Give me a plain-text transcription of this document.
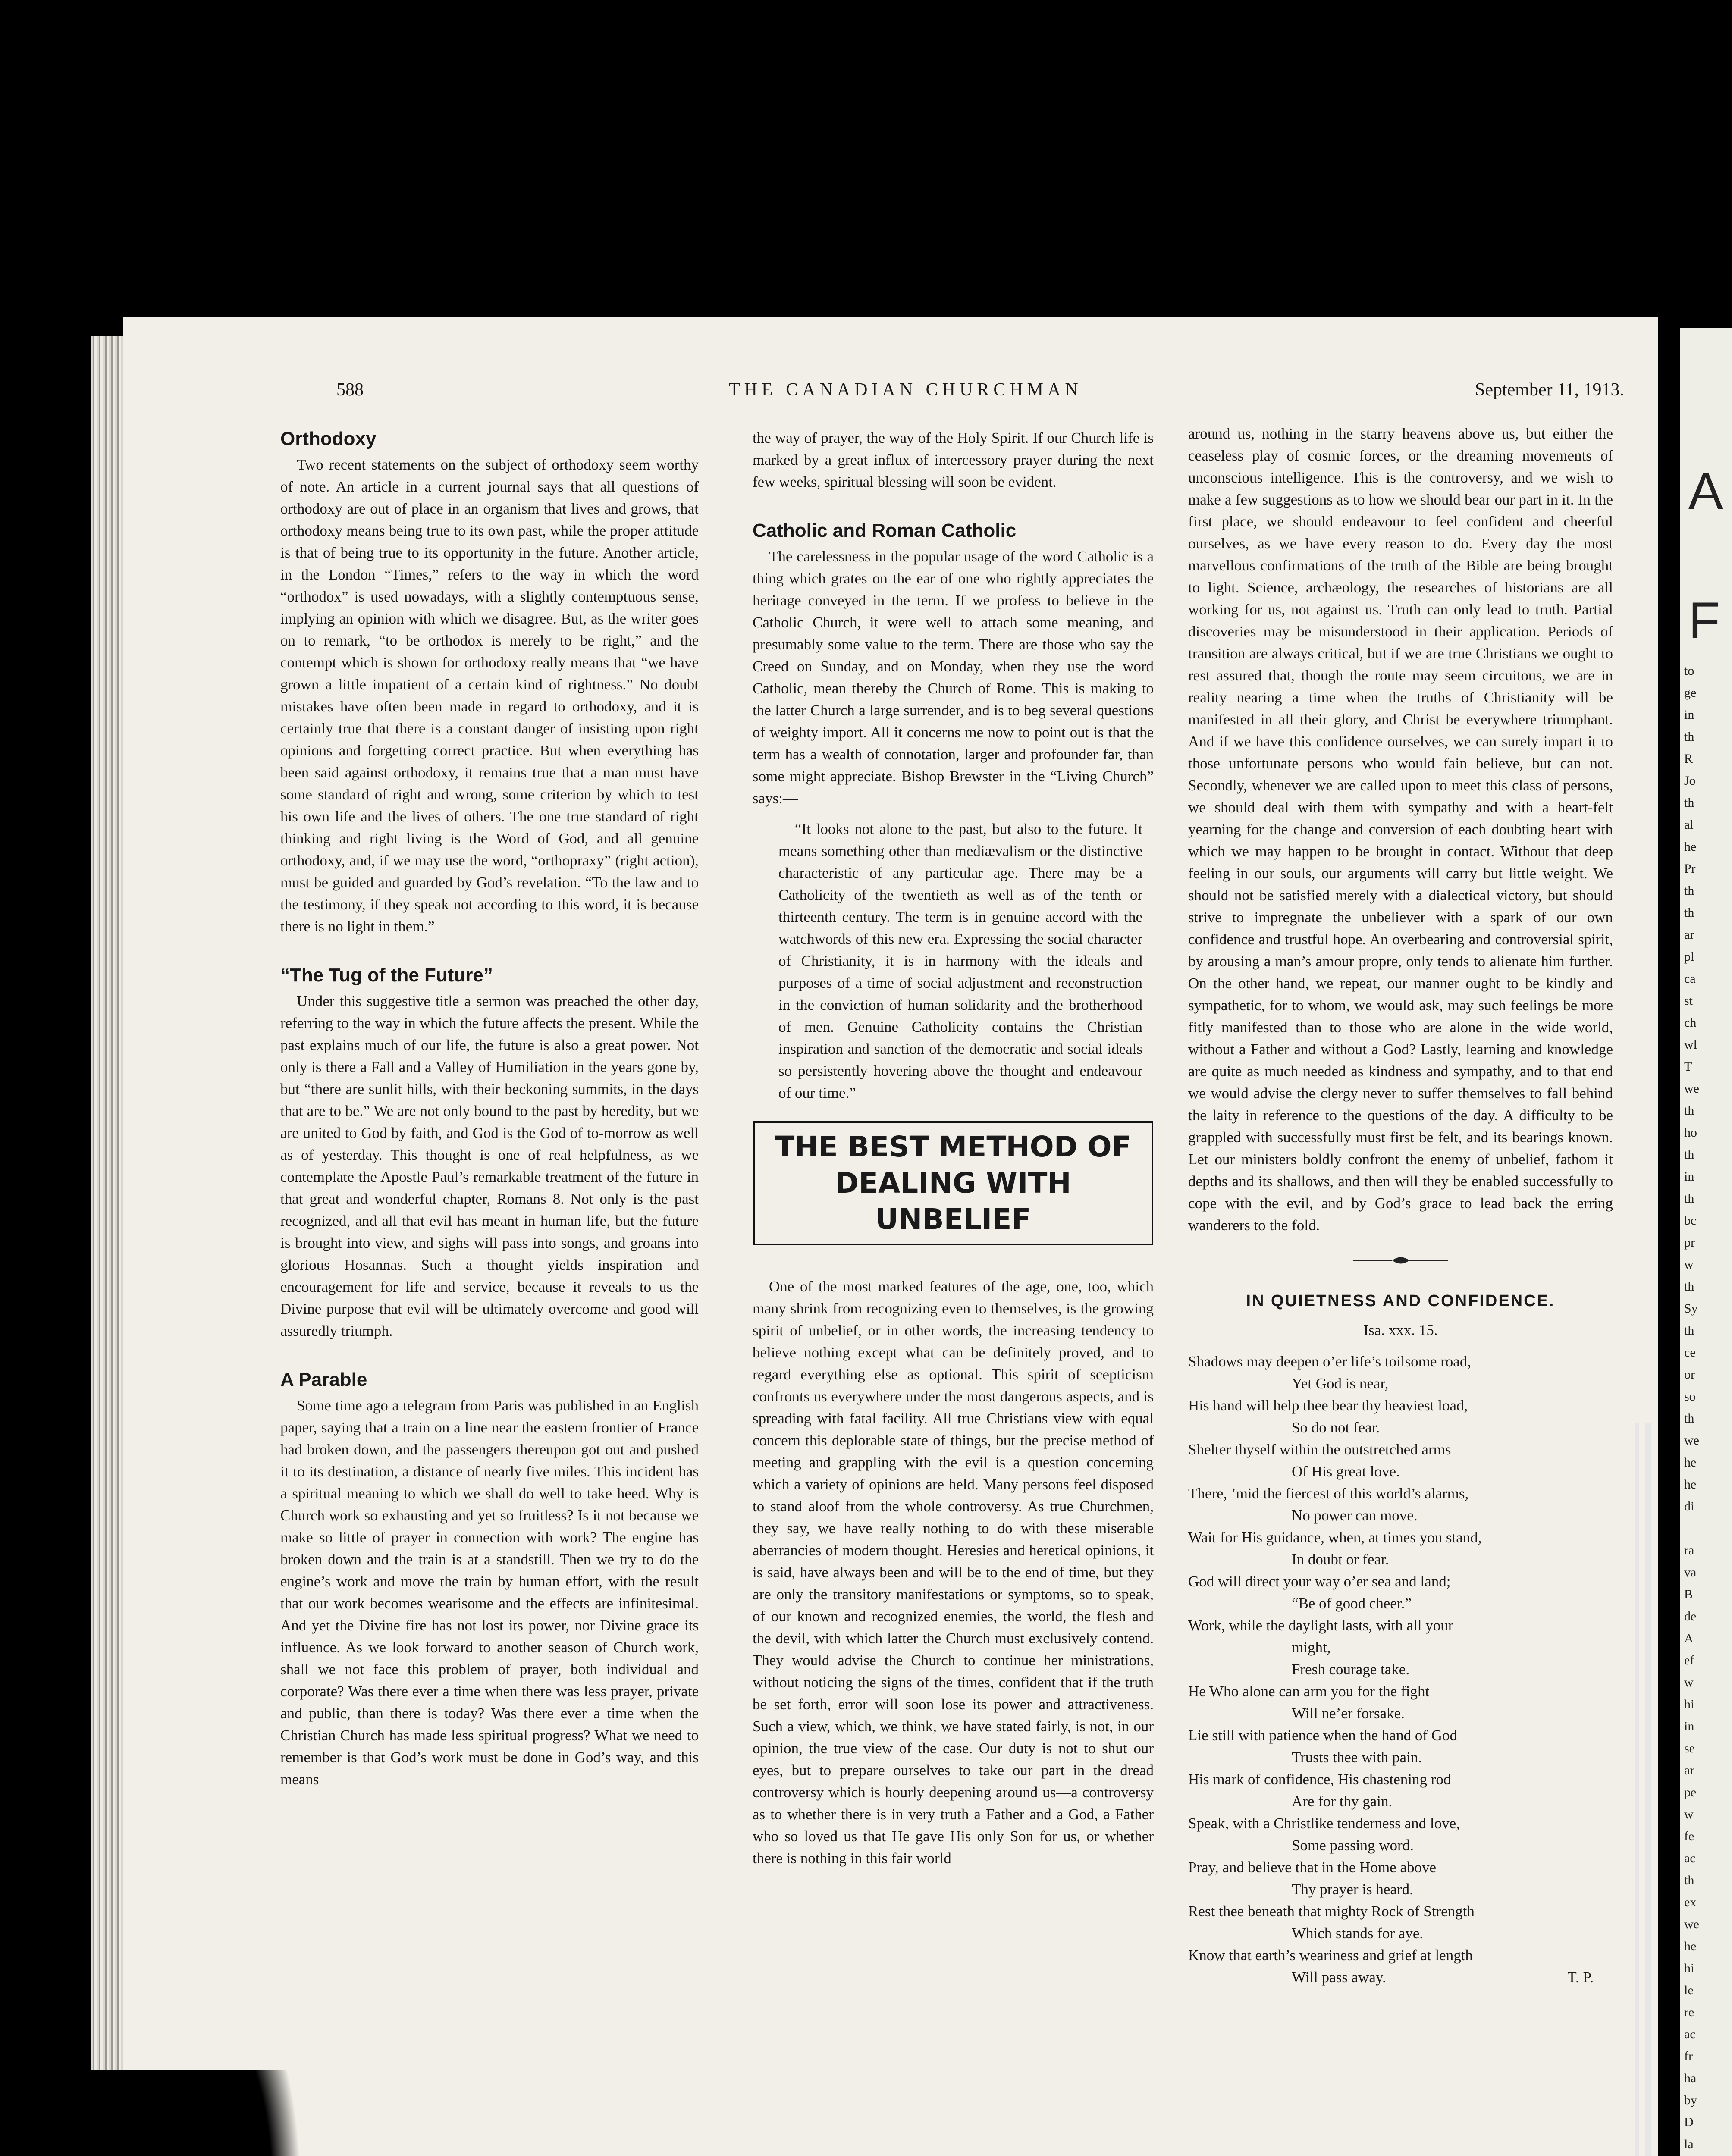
A
F
to
ge
in
th
R
Jo
th
al
he
Pr
th
th
ar
pl
ca
st
ch
wl
T
we
th
ho
th
in
th
bc
pr
w
th
Sy
th
ce
or
so
th
we
he
he
di

ra
va
B
de
A
ef
w
hi
in
se
ar
pe
w
fe
ac
th
ex
we
he
hi
le
re
ac
fr
ha
by
D
la

588	THE CANADIAN CHURCHMAN	September 11, 1913.
Orthodoxy

Two recent statements on the subject of orthodoxy seem worthy of note. An article in a current journal says that all questions of orthodoxy are out of place in an organism that lives and grows, that orthodoxy means being true to its own past, while the proper attitude is that of being true to its opportunity in the future. Another article, in the London “Times,” refers to the way in which the word “orthodox” is used nowadays, with a slightly contemptuous sense, implying an opinion with which we disagree. But, as the writer goes on to remark, “to be orthodox is merely to be right,” and the contempt which is shown for orthodoxy really means that “we have grown a little impatient of a certain kind of rightness.” No doubt mistakes have often been made in regard to orthodoxy, and it is certainly true that there is a constant danger of insisting upon right opinions and forgetting correct practice. But when everything has been said against orthodoxy, it remains true that a man must have some standard of right and wrong, some criterion by which to test his own life and the lives of others. The one true standard of right thinking and right living is the Word of God, and all genuine orthodoxy, and, if we may use the word, “orthopraxy” (right action), must be guided and guarded by God’s revelation. “To the law and to the testimony, if they speak not according to this word, it is because there is no light in them.”

“The Tug of the Future”

Under this suggestive title a sermon was preached the other day, referring to the way in which the future affects the present. While the past explains much of our life, the future is also a great power. Not only is there a Fall and a Valley of Humiliation in the years gone by, but “there are sunlit hills, with their beckoning summits, in the days that are to be.” We are not only bound to the past by heredity, but we are united to God by faith, and God is the God of to-morrow as well as of yesterday. This thought is one of real helpfulness, as we contemplate the Apostle Paul’s remarkable treatment of the future in that great and wonderful chapter, Romans 8. Not only is the past recognized, and all that evil has meant in human life, but the future is brought into view, and sighs will pass into songs, and groans into glorious Hosannas. Such a thought yields inspiration and encouragement for life and service, because it reveals to us the Divine purpose that evil will be ultimately overcome and good will assuredly triumph.

A Parable

Some time ago a telegram from Paris was published in an English paper, saying that a train on a line near the eastern frontier of France had broken down, and the passengers thereupon got out and pushed it to its destination, a distance of nearly five miles. This incident has a spiritual meaning to which we shall do well to take heed. Why is Church work so exhausting and yet so fruitless? Is it not because we make so little of prayer in connection with work? The engine has broken down and the train is at a standstill. Then we try to do the engine’s work and move the train by human effort, with the result that our work becomes wearisome and the effects are infinitesimal. And yet the Divine fire has not lost its power, nor Divine grace its influence. As we look forward to another season of Church work, shall we not face this problem of prayer, both individual and corporate? Was there ever a time when there was less prayer, private and public, than there is today? Was there ever a time when the Christian Church has made less spiritual progress? What we need to remember is that God’s work must be done in God’s way, and this means

the way of prayer, the way of the Holy Spirit. If our Church life is marked by a great influx of intercessory prayer during the next few weeks, spiritual blessing will soon be evident.

Catholic and Roman Catholic

The carelessness in the popular usage of the word Catholic is a thing which grates on the ear of one who rightly appreciates the heritage conveyed in the term. If we profess to believe in the Catholic Church, it were well to attach some meaning, and presumably some value to the term. There are those who say the Creed on Sunday, and on Monday, when they use the word Catholic, mean thereby the Church of Rome. This is making to the latter Church a large surrender, and is to beg several questions of weighty import. All it concerns me now to point out is that the term has a wealth of connotation, larger and profounder far, than some might appreciate. Bishop Brewster in the “Living Church” says:—

“It looks not alone to the past, but also to the future. It means something other than mediævalism or the distinctive characteristic of any particular age. There may be a Catholicity of the twentieth as well as of the tenth or thirteenth century. The term is in genuine accord with the watchwords of this new era. Expressing the social character of Christianity, it is in harmony with the ideals and purposes of a time of social adjustment and reconstruction in the conviction of human solidarity and the brotherhood of men. Genuine Catholicity contains the Christian inspiration and sanction of the democratic and social ideals so persistently hovering above the thought and endeavour of our time.”

THE BEST METHOD OF
DEALING WITH UNBELIEF

One of the most marked features of the age, one, too, which many shrink from recognizing even to themselves, is the growing spirit of unbelief, or in other words, the increasing tendency to believe nothing except what can be definitely proved, and to regard everything else as optional. This spirit of scepticism confronts us everywhere under the most dangerous aspects, and is spreading with fatal facility. All true Christians view with equal concern this deplorable state of things, but the precise method of meeting and grappling with the evil is a question concerning which a variety of opinions are held. Many persons feel disposed to stand aloof from the whole controversy. As true Churchmen, they say, we have really nothing to do with these miserable aberrancies of modern thought. Heresies and heretical opinions, it is said, have always been and will be to the end of time, but they are only the transitory manifestations or symptoms, so to speak, of our known and recognized enemies, the world, the flesh and the devil, with which latter the Church must exclusively contend. They would advise the Church to continue her ministrations, without noticing the signs of the times, confident that if the truth be set forth, error will soon lose its power and attractiveness. Such a view, which, we think, we have stated fairly, is not, in our opinion, the true view of the case. Our duty is not to shut our eyes, but to prepare ourselves to take our part in the dread controversy which is hourly deepening around us—a controversy as to whether there is in very truth a Father and a God, a Father who so loved us that He gave His only Son for us, or whether there is nothing in this fair world

around us, nothing in the starry heavens above us, but either the ceaseless play of cosmic forces, or the dreaming movements of unconscious intelligence. This is the controversy, and we wish to make a few suggestions as to how we should bear our part in it. In the first place, we should endeavour to feel confident and cheerful ourselves, as we have every reason to do. Every day the most marvellous confirmations of the truth of the Bible are being brought to light. Science, archæology, the researches of historians are all working for us, not against us. Truth can only lead to truth. Partial discoveries may be misunderstood in their application. Periods of transition are always critical, but if we are true Christians we ought to rest assured that, though the route may seem circuitous, we are in reality nearing a time when the truths of Christianity will be manifested in all their glory, and Christ be everywhere triumphant. And if we have this confidence ourselves, we can surely impart it to those unfortunate persons who would fain believe, but can not. Secondly, whenever we are called upon to meet this class of persons, we should deal with them with sympathy and with a heart-felt yearning for the change and conversion of each doubting heart with which we may happen to be brought in contact. Without that deep feeling in our souls, our arguments will carry but little weight. We should not be satisfied merely with a dialectical victory, but should strive to impregnate the unbeliever with a spark of our own confidence and trustful hope. An overbearing and controversial spirit, by arousing a man’s amour propre, only tends to alienate him further. On the other hand, we repeat, our manner ought to be kindly and sympathetic, for to whom, we would ask, may such feelings be more fitly manifested than to those who are alone in the wide world, without a Father and without a God? Lastly, learning and knowledge are quite as much needed as kindness and sympathy, and to that end we would advise the clergy never to suffer themselves to fall behind the laity in reference to the questions of the day. A difficulty to be grappled with successfully must first be felt, and its bearings known. Let our ministers boldly confront the enemy of unbelief, fathom it depths and its shallows, and then will they be enabled successfully to cope with the evil, and by God’s grace to lead back the erring wanderers to the fold.

IN QUIETNESS AND CONFIDENCE.
Isa. xxx. 15.
Shadows may deepen o’er life’s toilsome road,
Yet God is near,
His hand will help thee bear thy heaviest load,
So do not fear.
Shelter thyself within the outstretched arms
Of His great love.
There, ’mid the fiercest of this world’s alarms,
No power can move.
Wait for His guidance, when, at times you stand,
In doubt or fear.
God will direct your way o’er sea and land;
“Be of good cheer.”
Work, while the daylight lasts, with all your
might,
Fresh courage take.
He Who alone can arm you for the fight
Will ne’er forsake.
Lie still with patience when the hand of God
Trusts thee with pain.
His mark of confidence, His chastening rod
Are for thy gain.
Speak, with a Christlike tenderness and love,
Some passing word.
Pray, and believe that in the Home above
Thy prayer is heard.
Rest thee beneath that mighty Rock of Strength
Which stands for aye.
Know that earth’s weariness and grief at length
Will pass away.	T. P.
